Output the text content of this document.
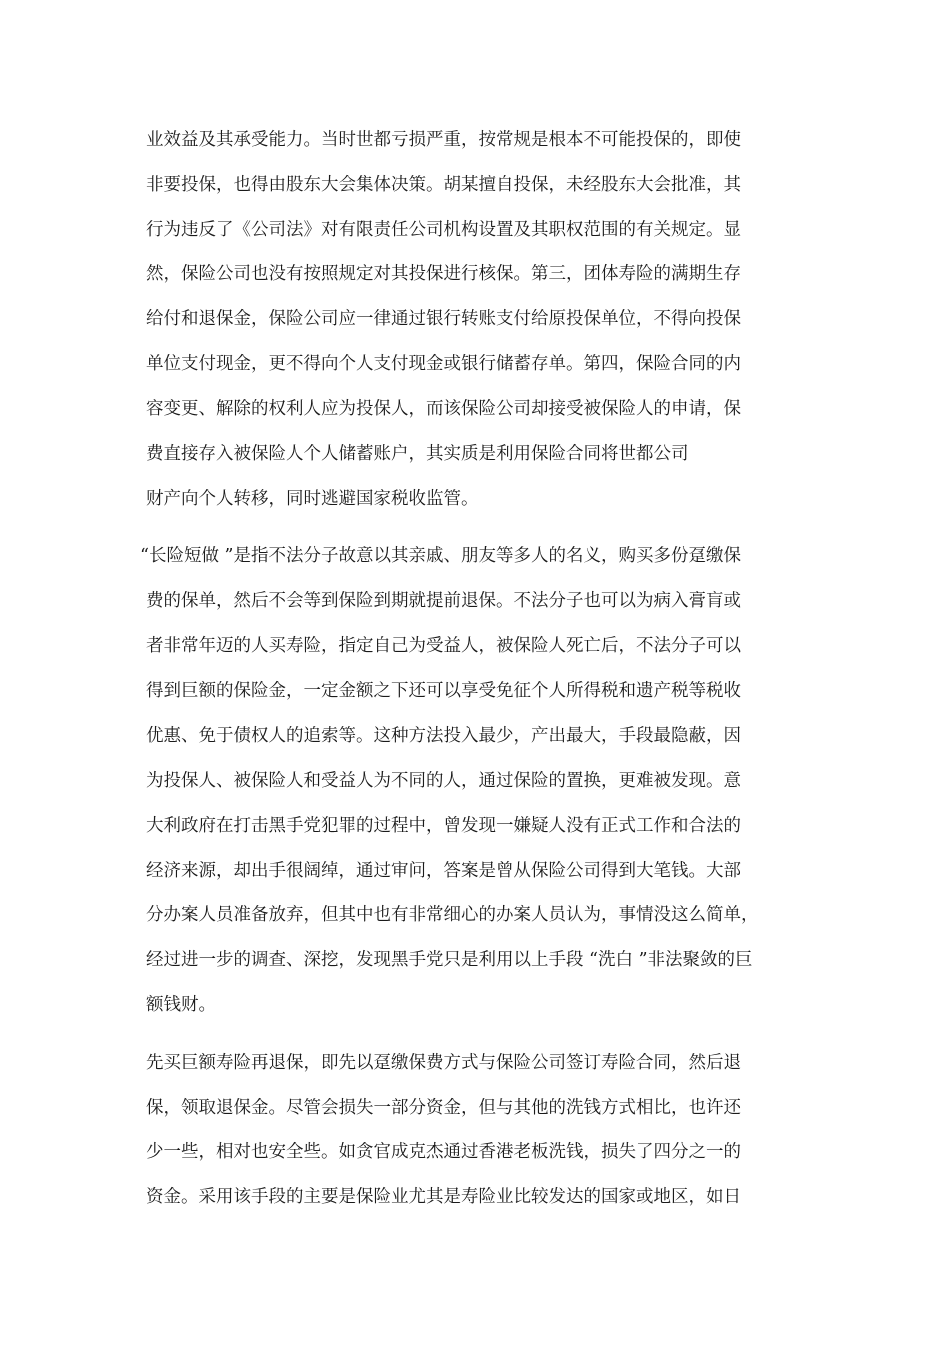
业效益及其承受能力。当时世都亏损严重，按常规是根本不可能投保的，即使
非要投保，也得由股东大会集体决策。胡某擅自投保，未经股东大会批准，其
行为违反了《公司法》对有限责任公司机构设置及其职权范围的有关规定。显
然，保险公司也没有按照规定对其投保进行核保。第三，团体寿险的满期生存
给付和退保金，保险公司应一律通过银行转账支付给原投保单位，不得向投保
单位支付现金，更不得向个人支付现金或银行储蓄存单。第四，保险合同的内
容变更、解除的权利人应为投保人，而该保险公司却接受被保险人的申请，保
费直接存入被保险人个人储蓄账户，其实质是利用保险合同将世都公司
财产向个人转移，同时逃避国家税收监管。
“长险短做 ”是指不法分子故意以其亲戚、朋友等多人的名义，购买多份趸缴保
费的保单，然后不会等到保险到期就提前退保。不法分子也可以为病入膏肓或
者非常年迈的人买寿险，指定自己为受益人，被保险人死亡后，不法分子可以
得到巨额的保险金，一定金额之下还可以享受免征个人所得税和遗产税等税收
优惠、免于债权人的追索等。这种方法投入最少，产出最大，手段最隐蔽，因
为投保人、被保险人和受益人为不同的人，通过保险的置换，更难被发现。意
大利政府在打击黑手党犯罪的过程中，曾发现一嫌疑人没有正式工作和合法的
经济来源，却出手很阔绰，通过审问，答案是曾从保险公司得到大笔钱。大部
分办案人员准备放弃，但其中也有非常细心的办案人员认为，事情没这么简单，
经过进一步的调查、深挖，发现黑手党只是利用以上手段 “洗白 ”非法聚敛的巨
额钱财。
先买巨额寿险再退保，即先以趸缴保费方式与保险公司签订寿险合同，然后退
保，领取退保金。尽管会损失一部分资金，但与其他的洗钱方式相比，也许还
少一些，相对也安全些。如贪官成克杰通过香港老板洗钱，损失了四分之一的
资金。采用该手段的主要是保险业尤其是寿险业比较发达的国家或地区，如日
